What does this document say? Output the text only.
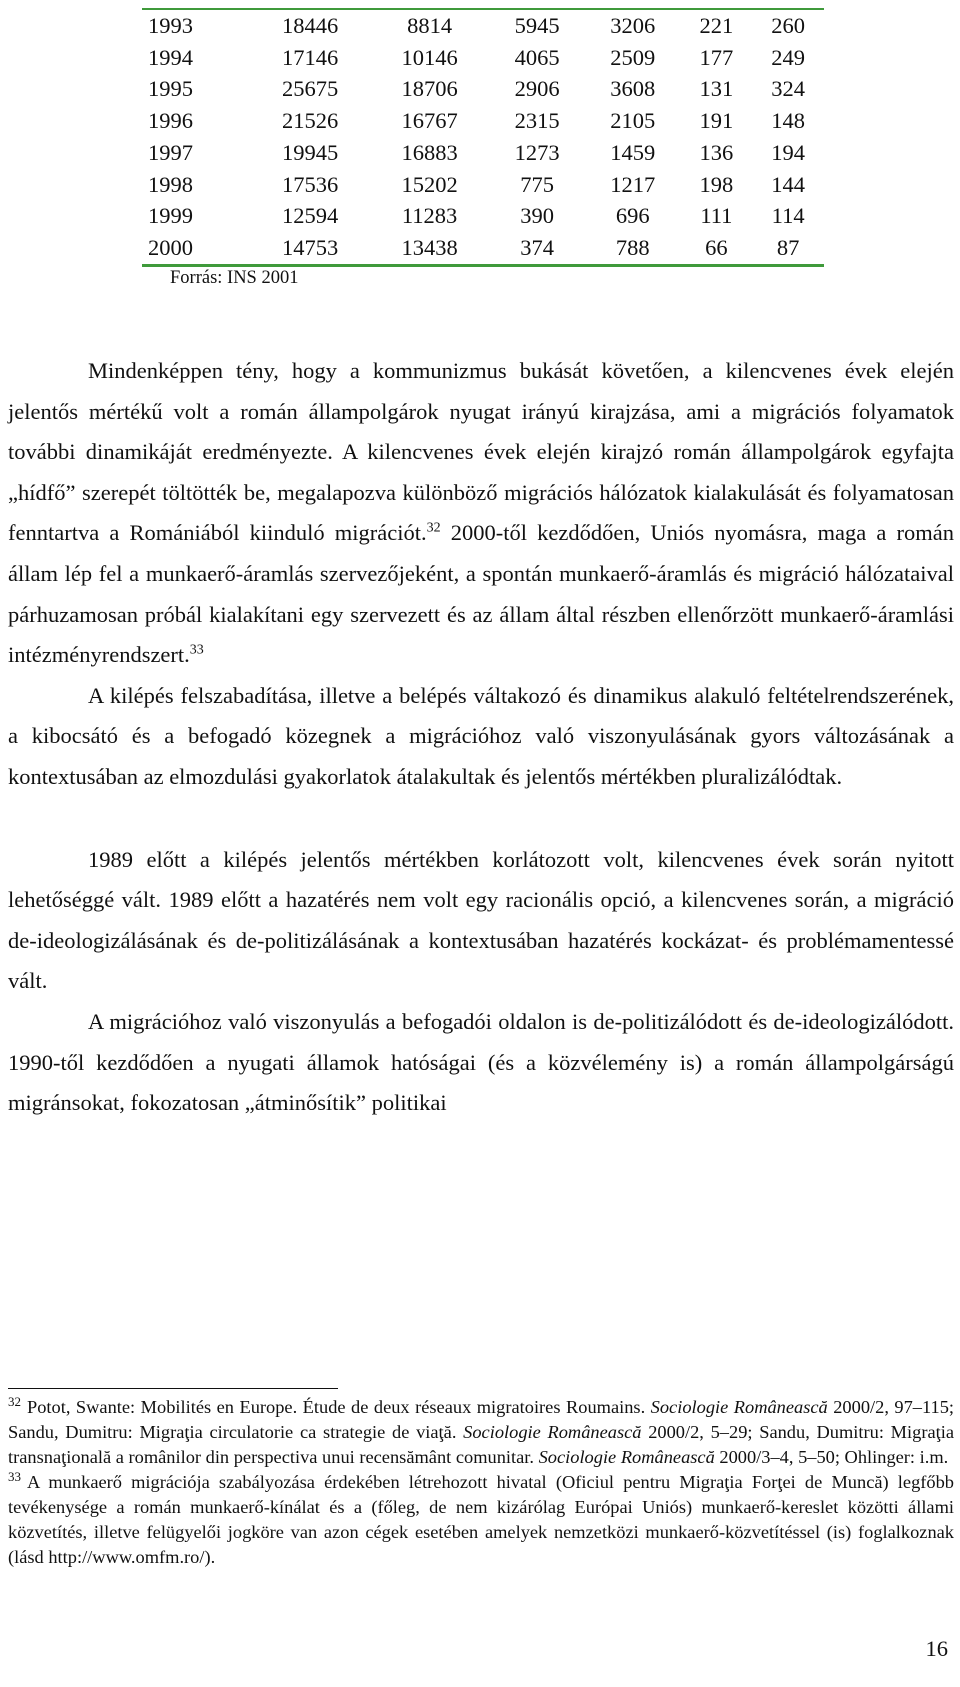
1993	18446	8814	5945	3206	221	260
1994	17146	10146	4065	2509	177	249
1995	25675	18706	2906	3608	131	324
1996	21526	16767	2315	2105	191	148
1997	19945	16883	1273	1459	136	194
1998	17536	15202	775	1217	198	144
1999	12594	11283	390	696	111	114
2000	14753	13438	374	788	66	87
Forrás: INS 2001

Mindenképpen tény, hogy a kommunizmus bukását követően, a kilencvenes évek elején jelentős mértékű volt a román állampolgárok nyugat irányú kirajzása, ami a migrációs folyamatok további dinamikáját eredményezte. A kilencvenes évek elején kirajzó román állampolgárok egyfajta „hídfő” szerepét töltötték be, megalapozva különböző migrációs hálózatok kialakulását és folyamatosan fenntartva a Romániából kiinduló migrációt.$^{32}$ 2000-től kezdődően, Uniós nyomásra, maga a román állam lép fel a munkaerő-áramlás szervezőjeként, a spontán munkaerő-áramlás és migráció hálózataival párhuzamosan próbál kialakítani egy szervezett és az állam által részben ellenőrzött munkaerő-áramlási intézményrendszert.$^{33}$

A kilépés felszabadítása, illetve a belépés váltakozó és dinamikus alakuló feltételrendszerének, a kibocsátó és a befogadó közegnek a migrációhoz való viszonyulásának gyors változásának a kontextusában az elmozdulási gyakorlatok átalakultak és jelentős mértékben pluralizálódtak.

1989 előtt a kilépés jelentős mértékben korlátozott volt, kilencvenes évek során nyitott lehetőséggé vált. 1989 előtt a hazatérés nem volt egy racionális opció, a kilencvenes során, a migráció de-ideologizálásának és de-politizálásának a kontextusában hazatérés kockázat- és problémamentessé vált.

A migrációhoz való viszonyulás a befogadói oldalon is de-politizálódott és de-ideologizálódott. 1990-től kezdődően a nyugati államok hatóságai (és a közvélemény is) a román állampolgárságú migránsokat, fokozatosan „átminősítik” politikai

$^{32}$ Potot, Swante: Mobilités en Europe. Étude de deux réseaux migratoires Roumains. Sociologie Românească 2000/2, 97–115; Sandu, Dumitru: Migraţia circulatorie ca strategie de viaţă. Sociologie Românească 2000/2, 5–29; Sandu, Dumitru: Migraţia transnaţională a românilor din perspectiva unui recensământ comunitar. Sociologie Românească 2000/3–4, 5–50; Ohlinger: i.m.

$^{33}$ A munkaerő migrációja szabályozása érdekében létrehozott hivatal (Oficiul pentru Migraţia Forţei de Muncă) legfőbb tevékenysége a román munkaerő-kínálat és a (főleg, de nem kizárólag Európai Uniós) munkaerő-kereslet közötti állami közvetítés, illetve felügyelői jogköre van azon cégek esetében amelyek nemzetközi munkaerő-közvetítéssel (is) foglalkoznak (lásd http://www.omfm.ro/).

16
